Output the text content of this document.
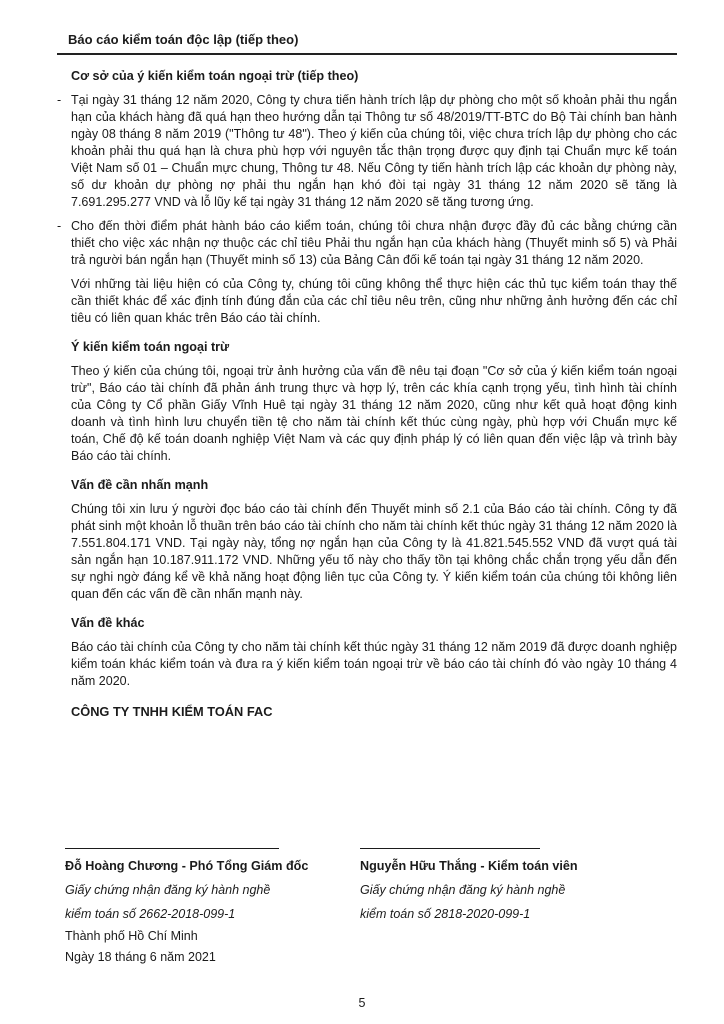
Báo cáo kiểm toán độc lập (tiếp theo)
Cơ sở của ý kiến kiểm toán ngoại trừ (tiếp theo)
- Tại ngày 31 tháng 12 năm 2020, Công ty chưa tiến hành trích lập dự phòng cho một số khoản phải thu ngắn hạn của khách hàng đã quá hạn theo hướng dẫn tại Thông tư số 48/2019/TT-BTC do Bộ Tài chính ban hành ngày 08 tháng 8 năm 2019 ("Thông tư 48"). Theo ý kiến của chúng tôi, việc chưa trích lập dự phòng cho các khoản phải thu quá hạn là chưa phù hợp với nguyên tắc thận trọng được quy định tại Chuẩn mực kế toán Việt Nam số 01 – Chuẩn mực chung, Thông tư 48. Nếu Công ty tiến hành trích lập các khoản dự phòng này, số dư khoản dự phòng nợ phải thu ngắn hạn khó đòi tại ngày 31 tháng 12 năm 2020 sẽ tăng là 7.691.295.277 VND và lỗ lũy kế tại ngày 31 tháng 12 năm 2020 sẽ tăng tương ứng.

- Cho đến thời điểm phát hành báo cáo kiểm toán, chúng tôi chưa nhận được đầy đủ các bằng chứng cần thiết cho việc xác nhận nợ thuộc các chỉ tiêu Phải thu ngắn hạn của khách hàng (Thuyết minh số 5) và Phải trả người bán ngắn hạn (Thuyết minh số 13) của Bảng Cân đối kế toán tại ngày 31 tháng 12 năm 2020.

Với những tài liệu hiện có của Công ty, chúng tôi cũng không thể thực hiện các thủ tục kiểm toán thay thế cần thiết khác để xác định tính đúng đắn của các chỉ tiêu nêu trên, cũng như những ảnh hưởng đến các chỉ tiêu có liên quan khác trên Báo cáo tài chính.

Ý kiến kiểm toán ngoại trừ

Theo ý kiến của chúng tôi, ngoại trừ ảnh hưởng của vấn đề nêu tại đoạn "Cơ sở của ý kiến kiểm toán ngoại trừ", Báo cáo tài chính đã phản ánh trung thực và hợp lý, trên các khía cạnh trọng yếu, tình hình tài chính của Công ty Cổ phần Giấy Vĩnh Huê tại ngày 31 tháng 12 năm 2020, cũng như kết quả hoạt động kinh doanh và tình hình lưu chuyển tiền tệ cho năm tài chính kết thúc cùng ngày, phù hợp với Chuẩn mực kế toán, Chế độ kế toán doanh nghiệp Việt Nam và các quy định pháp lý có liên quan đến việc lập và trình bày Báo cáo tài chính.

Vấn đề cần nhấn mạnh

Chúng tôi xin lưu ý người đọc báo cáo tài chính đến Thuyết minh số 2.1 của Báo cáo tài chính. Công ty đã phát sinh một khoản lỗ thuần trên báo cáo tài chính cho năm tài chính kết thúc ngày 31 tháng 12 năm 2020 là 7.551.804.171 VND. Tại ngày này, tổng nợ ngắn hạn của Công ty là 41.821.545.552 VND đã vượt quá tài sản ngắn hạn 10.187.911.172 VND. Những yếu tố này cho thấy tồn tại không chắc chắn trọng yếu dẫn đến sự nghi ngờ đáng kể về khả năng hoạt động liên tục của Công ty. Ý kiến kiểm toán của chúng tôi không liên quan đến các vấn đề cần nhấn mạnh này.

Vấn đề khác

Báo cáo tài chính của Công ty cho năm tài chính kết thúc ngày 31 tháng 12 năm 2019 đã được doanh nghiệp kiểm toán khác kiểm toán và đưa ra ý kiến kiểm toán ngoại trừ về báo cáo tài chính đó vào ngày 10 tháng 4 năm 2020.

CÔNG TY TNHH KIỂM TOÁN FAC
Đỗ Hoàng Chương - Phó Tổng Giám đốc
Giấy chứng nhận đăng ký hành nghề
kiểm toán số 2662-2018-099-1
Thành phố Hồ Chí Minh
Ngày 18 tháng 6 năm 2021
Nguyễn Hữu Thắng - Kiểm toán viên
Giấy chứng nhận đăng ký hành nghề
kiểm toán số 2818-2020-099-1
5
